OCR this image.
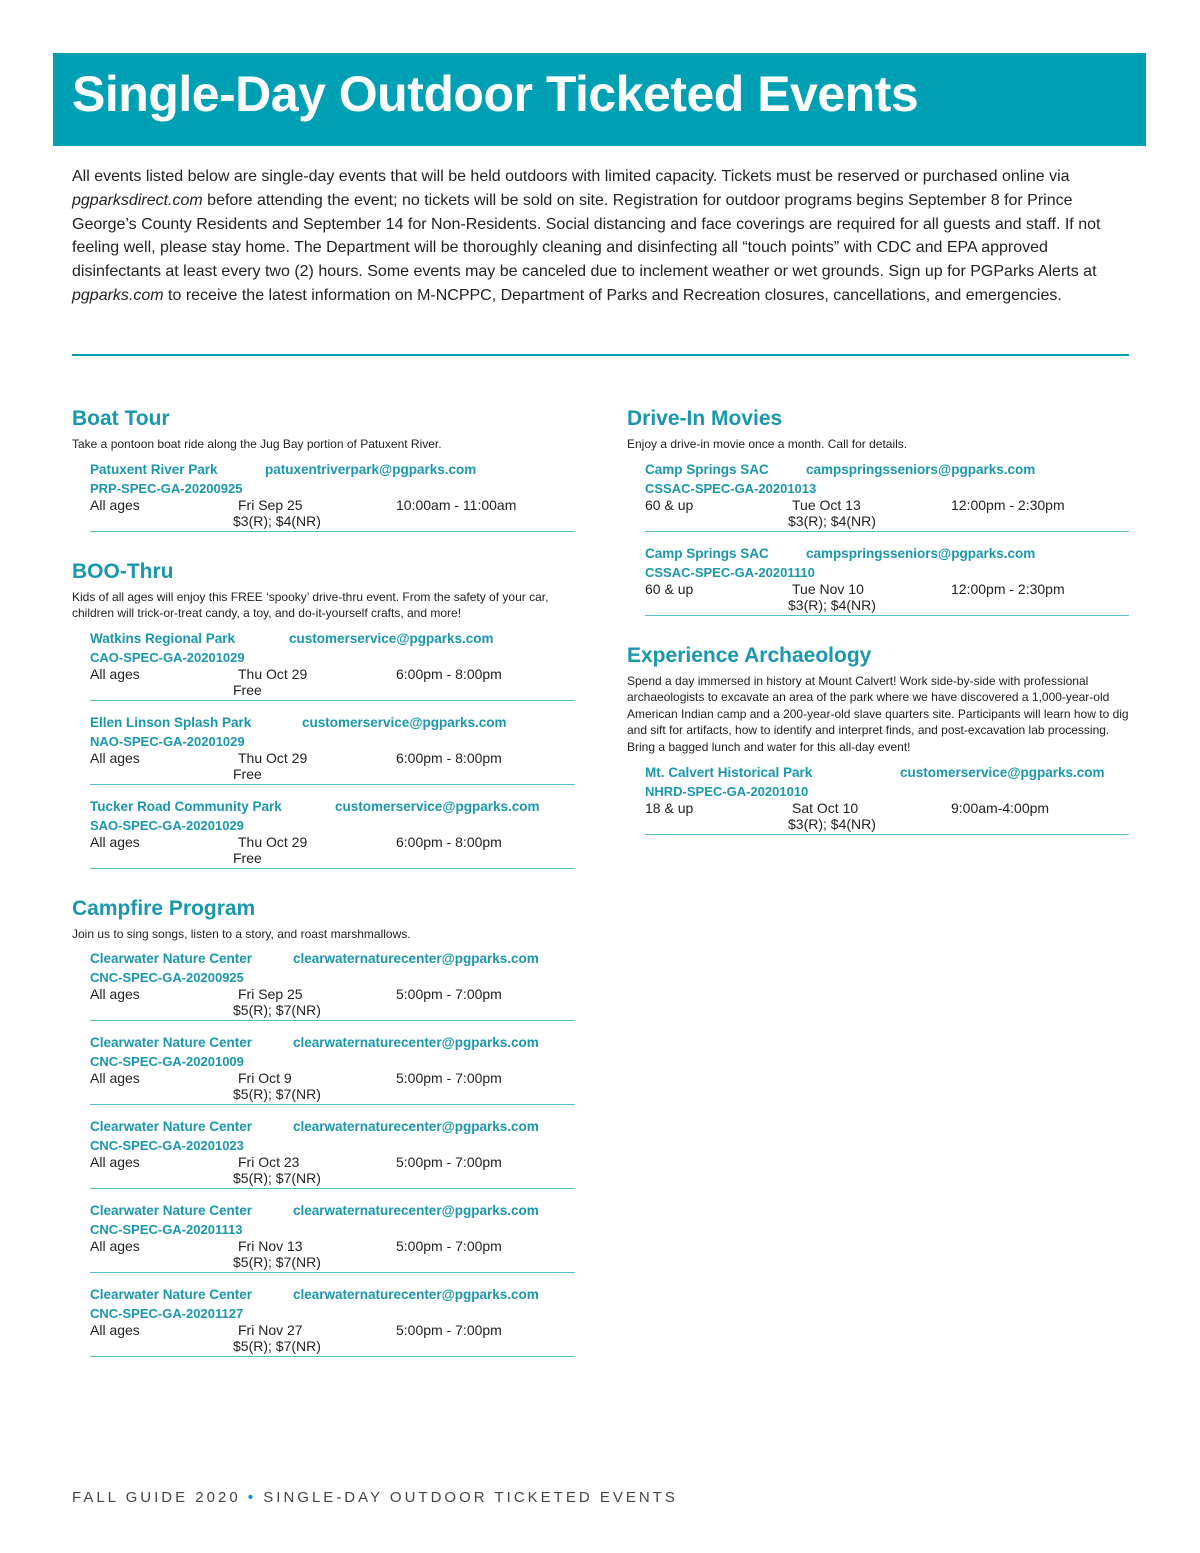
Single-Day Outdoor Ticketed Events

All events listed below are single-day events that will be held outdoors with limited capacity. Tickets must be reserved or purchased online via pgparksdirect.com before attending the event; no tickets will be sold on site. Registration for outdoor programs begins September 8 for Prince George’s County Residents and September 14 for Non-Residents. Social distancing and face coverings are required for all guests and staff. If not feeling well, please stay home. The Department will be thoroughly cleaning and disinfecting all “touch points” with CDC and EPA approved disinfectants at least every two (2) hours. Some events may be canceled due to inclement weather or wet grounds. Sign up for PGParks Alerts at pgparks.com to receive the latest information on M-NCPPC, Department of Parks and Recreation closures, cancellations, and emergencies.

Boat Tour

Take a pontoon boat ride along the Jug Bay portion of Patuxent River.

Patuxent River Park	patuxentriverpark@pgparks.com
PRP-SPEC-GA-20200925
All ages	Fri Sep 25	10:00am - 11:00am
$3(R); $4(NR)
BOO-Thru

Kids of all ages will enjoy this FREE ‘spooky’ drive-thru event. From the safety of your car, children will trick-or-treat candy, a toy, and do-it-yourself crafts, and more!

Watkins Regional Park	customerservice@pgparks.com
CAO-SPEC-GA-20201029
All ages	Thu Oct 29	6:00pm - 8:00pm
Free
Ellen Linson Splash Park	customerservice@pgparks.com
NAO-SPEC-GA-20201029
All ages	Thu Oct 29	6:00pm - 8:00pm
Free
Tucker Road Community Park	customerservice@pgparks.com
SAO-SPEC-GA-20201029
All ages	Thu Oct 29	6:00pm - 8:00pm
Free
Campfire Program

Join us to sing songs, listen to a story, and roast marshmallows.

Clearwater Nature Center	clearwaternaturecenter@pgparks.com
CNC-SPEC-GA-20200925
All ages	Fri Sep 25	5:00pm - 7:00pm
$5(R); $7(NR)
Clearwater Nature Center	clearwaternaturecenter@pgparks.com
CNC-SPEC-GA-20201009
All ages	Fri Oct 9	5:00pm - 7:00pm
$5(R); $7(NR)
Clearwater Nature Center	clearwaternaturecenter@pgparks.com
CNC-SPEC-GA-20201023
All ages	Fri Oct 23	5:00pm - 7:00pm
$5(R); $7(NR)
Clearwater Nature Center	clearwaternaturecenter@pgparks.com
CNC-SPEC-GA-20201113
All ages	Fri Nov 13	5:00pm - 7:00pm
$5(R); $7(NR)
Clearwater Nature Center	clearwaternaturecenter@pgparks.com
CNC-SPEC-GA-20201127
All ages	Fri Nov 27	5:00pm - 7:00pm
$5(R); $7(NR)
Drive-In Movies

Enjoy a drive-in movie once a month. Call for details.

Camp Springs SAC	campspringsseniors@pgparks.com
CSSAC-SPEC-GA-20201013
60 & up	Tue Oct 13	12:00pm - 2:30pm
$3(R); $4(NR)
Camp Springs SAC	campspringsseniors@pgparks.com
CSSAC-SPEC-GA-20201110
60 & up	Tue Nov 10	12:00pm - 2:30pm
$3(R); $4(NR)
Experience Archaeology

Spend a day immersed in history at Mount Calvert! Work side-by-side with professional archaeologists to excavate an area of the park where we have discovered a 1,000-year-old American Indian camp and a 200-year-old slave quarters site. Participants will learn how to dig and sift for artifacts, how to identify and interpret finds, and post-excavation lab processing. Bring a bagged lunch and water for this all-day event!

Mt. Calvert Historical Park	customerservice@pgparks.com
NHRD-SPEC-GA-20201010
18 & up	Sat Oct 10	9:00am-4:00pm
$3(R); $4(NR)
FALL GUIDE 2020 • SINGLE-DAY OUTDOOR TICKETED EVENTS
